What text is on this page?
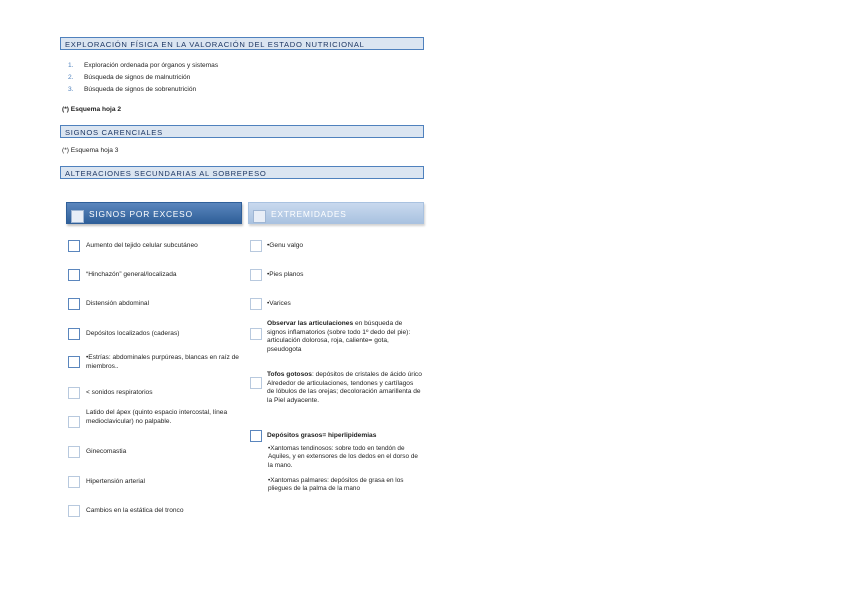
EXPLORACIÓN FÍSICA EN LA VALORACIÓN DEL ESTADO NUTRICIONAL
1. Exploración ordenada por órganos y sistemas
2. Búsqueda de signos de malnutrición
3. Búsqueda de signos de sobrenutrición
(*) Esquema hoja 2
SIGNOS CARENCIALES
(*) Esquema hoja 3
ALTERACIONES SECUNDARIAS AL SOBREPESO
SIGNOS POR EXCESO	EXTREMIDADES
Aumento del tejido celular subcutáneo
“Hinchazón” general/localizada
Distensión abdominal
Depósitos localizados (caderas)
•Estrías: abdominales purpúreas, blancas en raíz de miembros..
< sonidos respiratorios
Latido del ápex (quinto espacio intercostal, línea medioclavicular) no palpable.
Ginecomastia
Hipertensión arterial
Cambios en la estática del tronco
•Genu valgo
•Pies planos
•Varices
Observar las articulaciones en búsqueda de signos inflamatorios (sobre todo 1º dedo del pie): articulación dolorosa, roja, caliente= gota, pseudogota
Tofos gotosos: depósitos de cristales de ácido úrico Alrededor de articulaciones, tendones y cartílagos de lóbulos de las orejas; decoloración amarillenta de la Piel adyacente.
Depósitos grasos= hiperlipidemias
•Xantomas tendinosos: sobre todo en tendón de Aquiles, y en extensores de los dedos en el dorso de la mano.
•Xantomas palmares: depósitos de grasa en los pliegues de la palma de la mano
